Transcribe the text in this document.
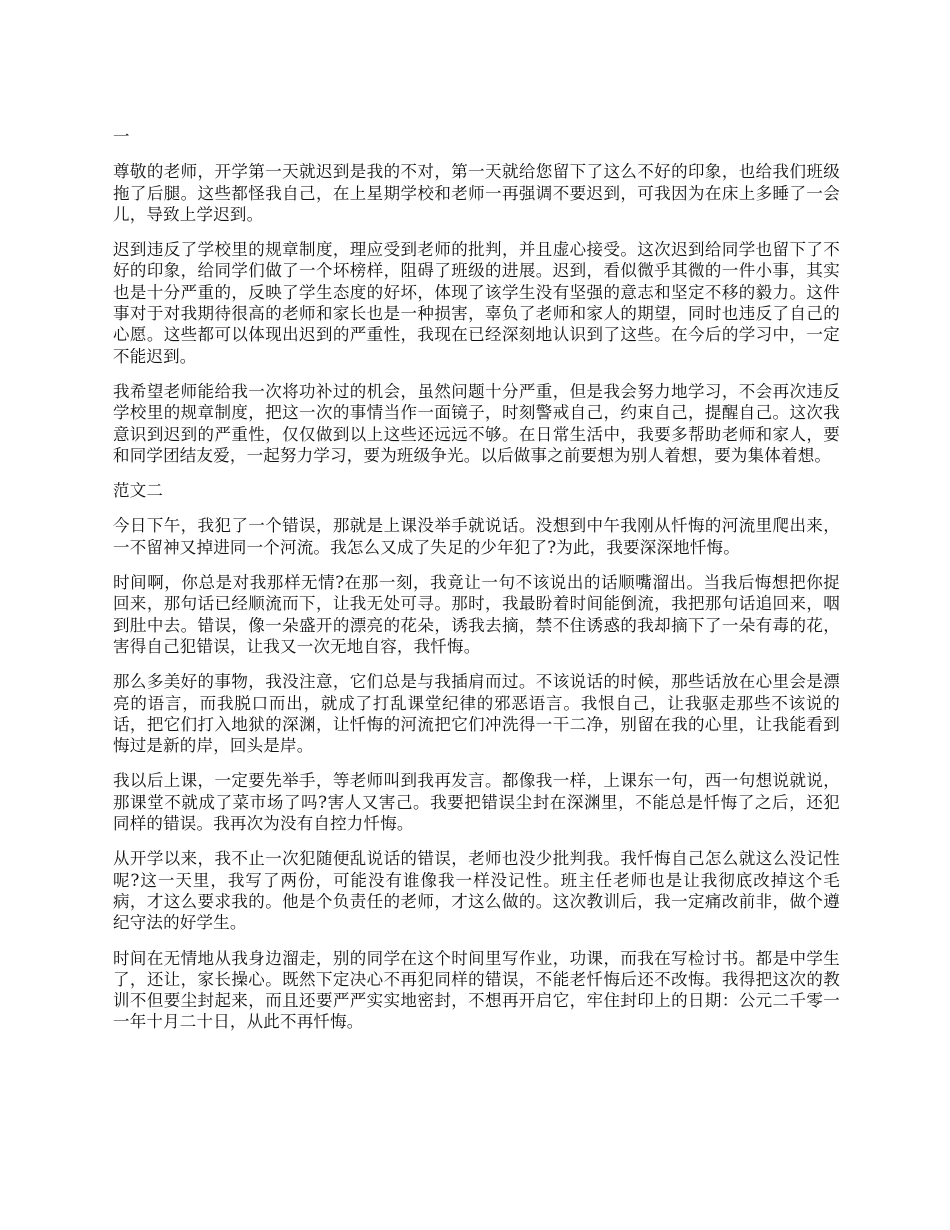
一

尊敬的老师，开学第一天就迟到是我的不对，第一天就给您留下了这么不好的印象，也给我们班级拖了后腿。这些都怪我自己，在上星期学校和老师一再强调不要迟到，可我因为在床上多睡了一会儿，导致上学迟到。

迟到违反了学校里的规章制度，理应受到老师的批判，并且虚心接受。这次迟到给同学也留下了不好的印象，给同学们做了一个坏榜样，阻碍了班级的进展。迟到，看似微乎其微的一件小事，其实也是十分严重的，反映了学生态度的好坏，体现了该学生没有坚强的意志和坚定不移的毅力。这件事对于对我期待很高的老师和家长也是一种损害，辜负了老师和家人的期望，同时也违反了自己的心愿。这些都可以体现出迟到的严重性，我现在已经深刻地认识到了这些。在今后的学习中，一定不能迟到。

我希望老师能给我一次将功补过的机会，虽然问题十分严重，但是我会努力地学习，不会再次违反学校里的规章制度，把这一次的事情当作一面镜子，时刻警戒自己，约束自己，提醒自己。这次我意识到迟到的严重性，仅仅做到以上这些还远远不够。在日常生活中，我要多帮助老师和家人，要和同学团结友爱，一起努力学习，要为班级争光。以后做事之前要想为别人着想，要为集体着想。

范文二

今日下午，我犯了一个错误，那就是上课没举手就说话。没想到中午我刚从忏悔的河流里爬出来，一不留神又掉进同一个河流。我怎么又成了失足的少年犯了?为此，我要深深地忏悔。

时间啊，你总是对我那样无情?在那一刻，我竟让一句不该说出的话顺嘴溜出。当我后悔想把你捉回来，那句话已经顺流而下，让我无处可寻。那时，我最盼着时间能倒流，我把那句话追回来，咽到肚中去。错误，像一朵盛开的漂亮的花朵，诱我去摘，禁不住诱惑的我却摘下了一朵有毒的花，害得自己犯错误，让我又一次无地自容，我忏悔。

那么多美好的事物，我没注意，它们总是与我插肩而过。不该说话的时候，那些话放在心里会是漂亮的语言，而我脱口而出，就成了打乱课堂纪律的邪恶语言。我恨自己，让我驱走那些不该说的话，把它们打入地狱的深渊，让忏悔的河流把它们冲洗得一干二净，别留在我的心里，让我能看到悔过是新的岸，回头是岸。

我以后上课，一定要先举手，等老师叫到我再发言。都像我一样，上课东一句，西一句想说就说，那课堂不就成了菜市场了吗?害人又害己。我要把错误尘封在深渊里，不能总是忏悔了之后，还犯同样的错误。我再次为没有自控力忏悔。

从开学以来，我不止一次犯随便乱说话的错误，老师也没少批判我。我忏悔自己怎么就这么没记性呢?这一天里，我写了两份，可能没有谁像我一样没记性。班主任老师也是让我彻底改掉这个毛病，才这么要求我的。他是个负责任的老师，才这么做的。这次教训后，我一定痛改前非，做个遵纪守法的好学生。

时间在无情地从我身边溜走，别的同学在这个时间里写作业，功课，而我在写检讨书。都是中学生了，还让，家长操心。既然下定决心不再犯同样的错误，不能老忏悔后还不改悔。我得把这次的教训不但要尘封起来，而且还要严严实实地密封，不想再开启它，牢住封印上的日期：公元二千零一一年十月二十日，从此不再忏悔。
